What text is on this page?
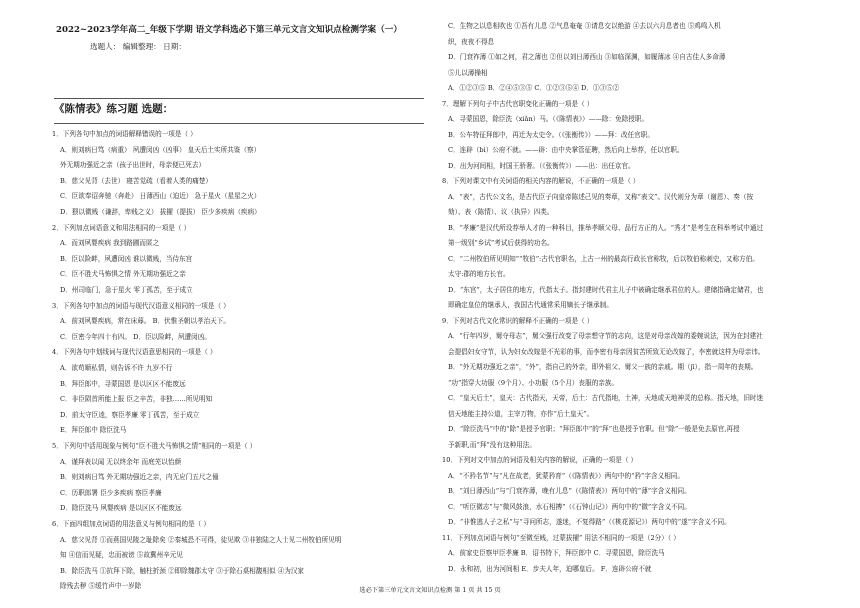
2022~2023学年高二_年级下学期 语文学科选必下第三单元文言文知识点检测学案（一）
选题人： 编辑整理： 日期：
《陈情表》练习题 选题：
1．下列各句中加点的词语解释错误的一项是（ ）
A．则刘病日笃（病重） 夙遭闵凶（凶事） 皇天后土实所共鉴（察）
外无期功强近之亲（孩子出世时，母亲便已死去）
B．慈父见背（去世） 寝苦觉疏（看着人类的痛楚）
C．臣欲奉诏奔驰（奔赴） 日薄西山（迫近） 急于星火（星星之火）
D．猥以微贱（谦辞，卑贱之义） 拔擢（提拔） 臣少多疾病（疾病）
2．下列加点词语意义和用法相同的一项是（ ）
A．而刘夙婴疾病 我到路圃而匿之
B．臣以险衅，夙遭闵凶 谁以微贱，当侍东宫
C．臣不胜犬马怖惧之情 外无期功强近之亲
D．州司临门，急于星火 零丁孤苦，至于成立
3．下列各句中加点的词语与现代汉语意义相同的一项是（ ）
A．前刘夙婴疾病，常在床蓐。 B．伏惟圣朝以孝治天下。
C．臣密今年四十有四。 D．臣以险衅，夙遭闵凶。
4．下列各句中划线词与现代汉语意思相同的一项是（ ）
A．欲苟顺私情，则告诉不许 九岁不行
B．拜臣郎中，寻蒙国恩 是以区区不能废远
C．非臣陨首所能上报 臣之辛苦，非独……所见明知
D．前太守臣逵，察臣孝廉 零丁孤苦，至于成立
E．拜臣郎中 除臣洗马
5．下列句中活用现象与例句“臣不胜犬马怖惧之情”相同的一项是（ ）
A．谨拜表以闻 无以终余年 而庭芜以怡颜
B．则刘病日笃 外无期功强近之亲，内无应门五尺之僮
C．历职郎署 臣少多疾病 察臣孝廉
D．除臣洗马 夙婴疾病 是以区区不能废远
6．下面四组加点词语的用法意义与例句相同的是（ ）
A．慈父见背 ①而燕国见陵之耻除矣 ②秦城恐不可得，徒见欺 ③非独陆之人士见二州牧伯所见明
知 ④信而见疑，忠而被谤 ⑤故冀州辛元见
B．除臣洗马 ①抗拜下除，触柱折颈 ②即除魏郡太守 ③于除石桌相馥相似 ④为汉家
除残去秽 ⑤缓竹声中一岁除
C．生物之以息相吹也 ①吾有儿息 ②气息奄奄 ③请息交以绝游 ④去以六月息者也 ⑤鸡鸣入机
织，夜夜不得息
D．门衰祚薄 ①如之何，君之薄也 ②但以刘日薄西山 ③如临深渊，如履薄冰 ④自古佳人多命薄
⑤儿以薄操相
A．①②③⑤ B．②④⑤③⑤ C．①②③⑤④ D．①③⑤②
7．理解下列句子中古代官职变化正确的一项是（ ）
A．寻蒙国恩，除臣洗（xiǎn）马。（《陈情表》）——除：免除授职。
B．公车特征拜郎中，再迁为太史令。（《张衡传》）——拜：改任官职。
C．连辟（bì）公府不就。——辟：由中央掌管征聘，然后向上举荐，任以官职。
D．出为河间相，时国王骄奢。（《张衡传》）——出：出任京官。
8．下列对课文中有关词语的相关内容的解说，不正确的一项是（ ）
A．“表”，古代公文名，是古代臣子向皇帝陈述己见的奏章，又称“表文”。汉代则分为章（谢恩）、奏（按
劾）、表（陈情）、议（执异）四类。
B．“孝廉”是汉代所设荐举人才的一种科目，推举孝顺父母、品行方正的人。“秀才”是考生在科举考试中通过
第一级别“乡试”考试后获得的功名。
C．“二州牧伯所见明知”“牧伯”:古代官职名，上古一州的最高行政长官称牧，后以牧伯称刺史，又称方伯。
太守:郡的地方长官。
D．“东宫”，太子居住的地方，代指太子。指封建时代君主儿子中被确定继承君位的人。建储指确定储君，也
即确定皇位的继承人，我国古代通常采用嫡长子继承制。
9．下列对古代文化常识的解释不正确的一项是（ ）
A．“行年四岁，舅夺母志”，舅父强行改变了母亲想守节的志向，这是对母亲改嫁的委婉说法，因为在封建社
会提倡妇女守节，认为妇女改嫁是不光彩的事，而李密有母亲因贫苦所致无论改嫁了，李密就这样为母亲讳。
B．“外无期功强近之亲”，“外”，指自己的外亲，即外祖父、舅父一族的亲戚。期（jī），指一周年的丧期。
“功”指穿大功服（9个月）、小功服（5个月）丧服的亲族。
C．“皇天后土”，皇天：古代指天，天帝，后土：古代指地，土神，天地或天地神灵的总称。指天地，旧时迷
信天地能主持公道，主宰万物，亦作“后土皇天”。
D．“除臣洗马”中的“除”是授予官职；“拜臣郎中”的“拜”也是授予官职。但“除”一般是免去原官,再授
予新职,而“拜”没有这种用法。
10．下列对文中加点的词语及相关内容的解说，正确的一项是（ ）
A．“不矜名节”与“凡在故老，犹蒙矜育”（《陈情表》）两句中的“矜”字含义相同。
B．“刘日薄西山”与“门衰祚薄，晚有儿息”（《陈情表》）两句中的“薄”字含义相同。
C．“听臣微志”与“微风鼓浪，水石相搏”（《石钟山记》）两句中的“微”字含义不同。
D．“非惟逃人子之私”与“寻问所志，遂迷，不复得路”（《桃花源记》）两句中的“遂”字含义不同。
11．下列加点词语与例句“至微至贱，过蒙拔擢” 用法不相同的一项是（2分）（ ）
A．前家史臣察甲臣孝廉 B．诏书特下，拜臣郎中 C．寻蒙国恩，除臣洗马
D．永和初，出为河间相 E．步夫人年，迫哪皇后。 F．连辟公府不就
选必下第三单元文言文知识点检测 第 1 页 共 15 页
